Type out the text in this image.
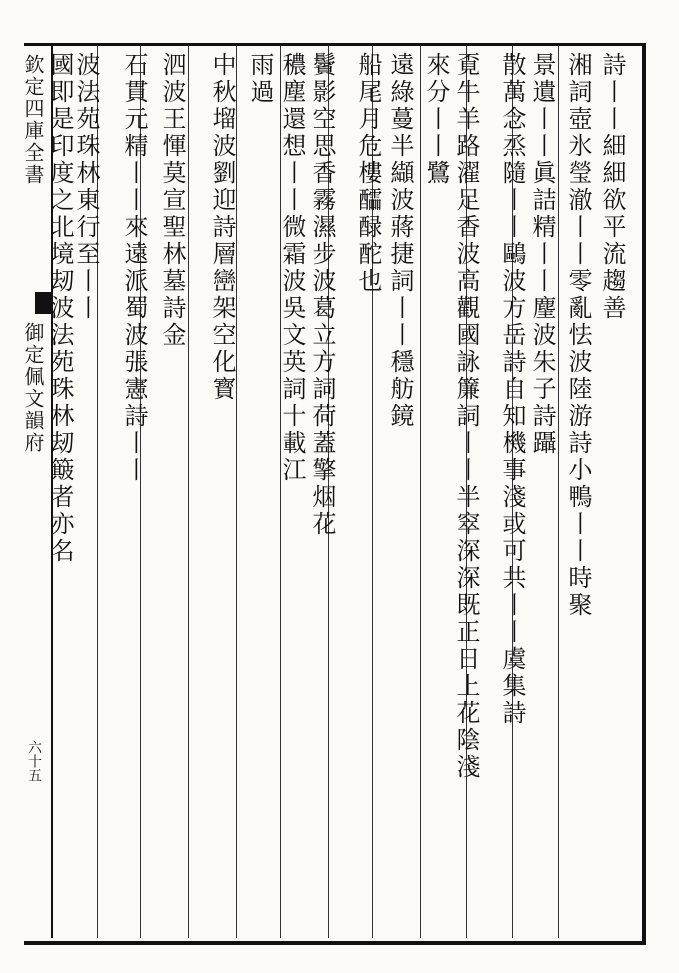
欽定四庫全書
御定佩文韻府
六十五
詩丨丨細細欲平流趨善
湘詞壺氷瑩澈丨丨零亂怯波陸游詩小鴨丨丨時聚
景遺丨丨眞詰精丨丨麈波朱子詩躡
散萬念烝隨丨丨鷗波方岳詩自知機事淺或可共丨丨虞集詩
覔牛羊路濯足香波高觀國詠簾詞丨丨半窣深深既正日上花陰淺
來分丨丨鷺
遠綠蔓半纈波蔣捷詞丨丨穩舫鏡
船尾月危樓醽醁酡也
鬢影空思香霧濕步波葛立方詞荷蓋擎烟花
穠塵還想丨丨微霜波吳文英詞十載江
雨過
中秋塯波劉迎詩層巒架空化寳
泗波王惲莫宣聖林墓詩金
石貫元精丨丨來遠派蜀波張憲詩丨丨
波法苑珠林東行至丨丨
國即是印度之北境刼波法苑珠林刼簸者亦名
